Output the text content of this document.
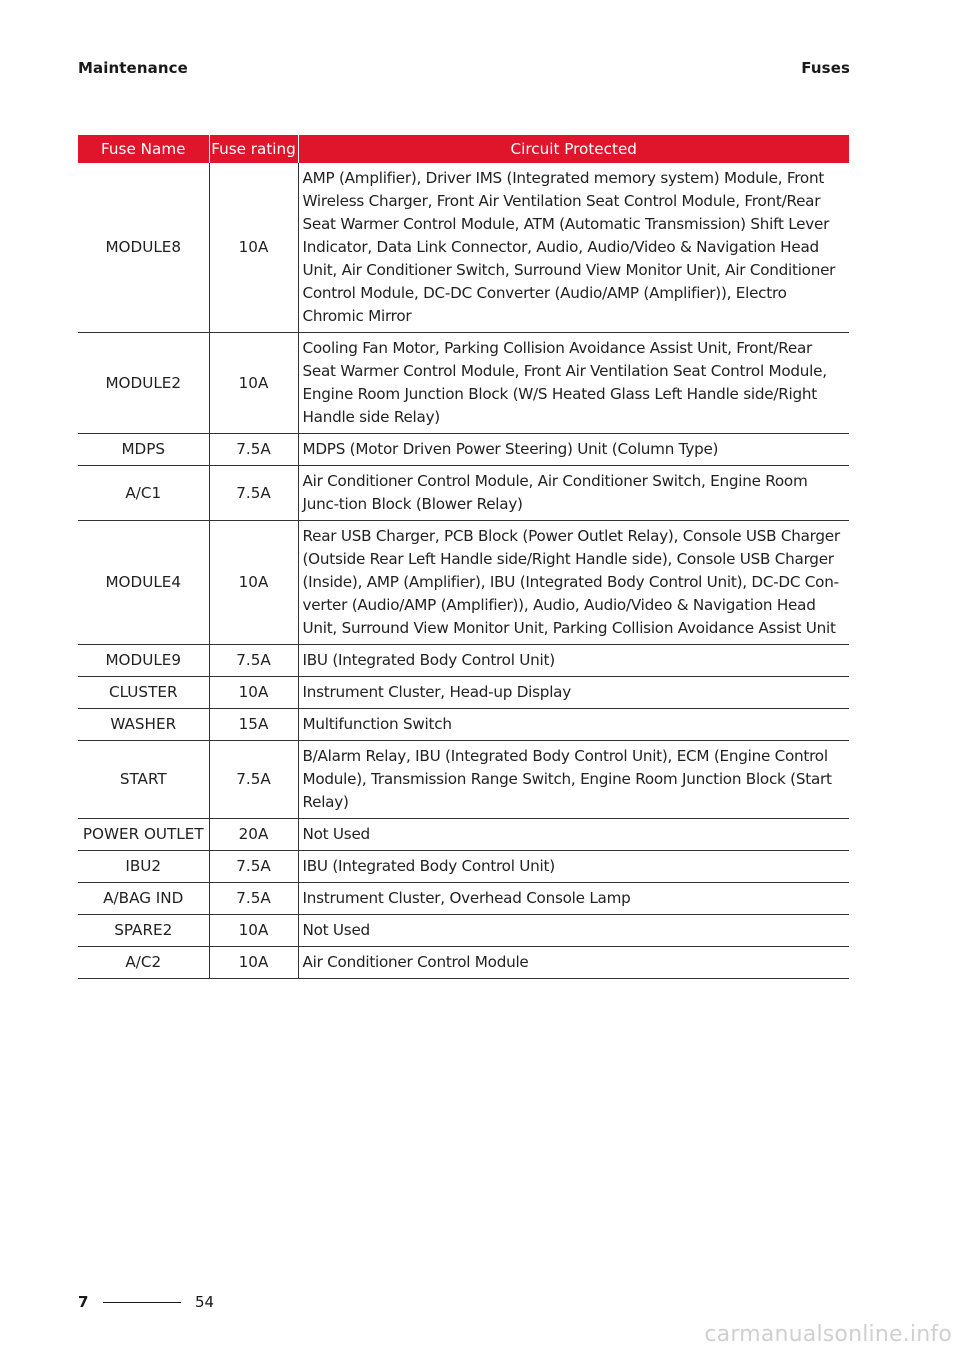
Maintenance	Fuses
Fuse Name	Fuse rating	Circuit Protected
MODULE8	10A	AMP (Amplifier), Driver IMS (Integrated memory system) Module, Front Wireless Charger, Front Air Ventilation Seat Control Module, Front/Rear Seat Warmer Control Module, ATM (Automatic Transmission) Shift Lever Indicator, Data Link Connector, Audio, Audio/Video & Navigation Head Unit, Air Conditioner Switch, Surround View Monitor Unit, Air Conditioner Control Module, DC-DC Converter (Audio/AMP (Amplifier)), Electro Chromic Mirror
MODULE2	10A	Cooling Fan Motor, Parking Collision Avoidance Assist Unit, Front/Rear Seat Warmer Control Module, Front Air Ventilation Seat Control Module, Engine Room Junction Block (W/S Heated Glass Left Handle side/Right Handle side Relay)
MDPS	7.5A	MDPS (Motor Driven Power Steering) Unit (Column Type)
A/C1	7.5A	Air Conditioner Control Module, Air Conditioner Switch, Engine Room Junc-tion Block (Blower Relay)
MODULE4	10A	Rear USB Charger, PCB Block (Power Outlet Relay), Console USB Charger (Outside Rear Left Handle side/Right Handle side), Console USB Charger (Inside), AMP (Amplifier), IBU (Integrated Body Control Unit), DC-DC Con-verter (Audio/AMP (Amplifier)), Audio, Audio/Video & Navigation Head Unit, Surround View Monitor Unit, Parking Collision Avoidance Assist Unit
MODULE9	7.5A	IBU (Integrated Body Control Unit)
CLUSTER	10A	Instrument Cluster, Head-up Display
WASHER	15A	Multifunction Switch
START	7.5A	B/Alarm Relay, IBU (Integrated Body Control Unit), ECM (Engine Control Module), Transmission Range Switch, Engine Room Junction Block (Start Relay)
POWER OUTLET	20A	Not Used
IBU2	7.5A	IBU (Integrated Body Control Unit)
A/BAG IND	7.5A	Instrument Cluster, Overhead Console Lamp
SPARE2	10A	Not Used
A/C2	10A	Air Conditioner Control Module
7	54
carmanualsonline.info
